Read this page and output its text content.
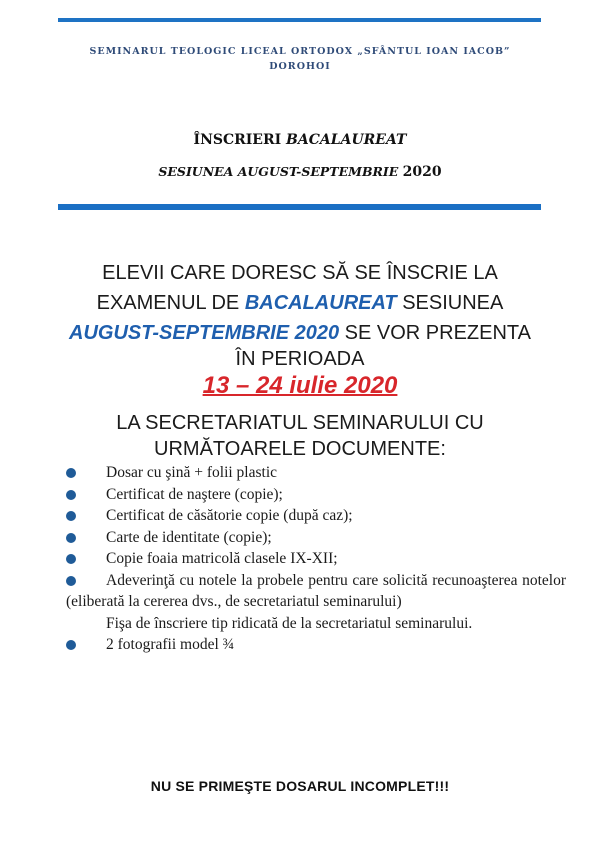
SEMINARUL TEOLOGIC LICEAL ORTODOX „SFÂNTUL IOAN IACOB”
DOROHOI
ÎNSCRIERI BACALAUREAT
SESIUNEA AUGUST-SEPTEMBRIE 2020
ELEVII CARE DORESC SĂ SE ÎNSCRIE LA
EXAMENUL DE BACALAUREAT SESIUNEA
AUGUST-SEPTEMBRIE 2020 SE VOR PREZENTA
ÎN PERIOADA
13 – 24 iulie 2020
LA SECRETARIATUL SEMINARULUI CU
URMĂTOARELE DOCUMENTE:
Dosar cu şină + folii plastic
Certificat de naştere (copie);
Certificat de căsătorie copie (după caz);
Carte de identitate (copie);
Copie foaia matricolă clasele IX-XII;
Adeverinţă cu notele la probele pentru care solicită recunoaşterea notelor (eliberată la cererea dvs., de secretariatul seminarului)
Fişa de înscriere tip ridicată de la secretariatul seminarului.
2 fotografii model ¾
NU SE PRIMEŞTE DOSARUL INCOMPLET!!!
